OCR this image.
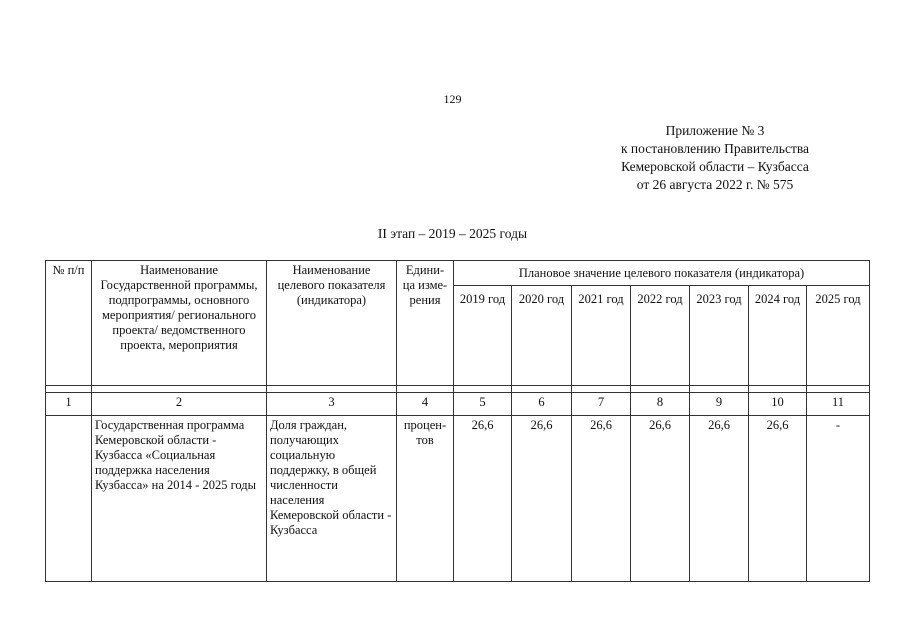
129
Приложение № 3
к постановлению Правительства
Кемеровской области – Кузбасса
от 26 августа 2022 г. № 575
II этап – 2019 – 2025 годы
№ п/п	Наименование Государственной программы, подпрограммы, основного мероприятия/ регионального проекта/ ведомственного проекта, мероприятия	Наименование целевого показателя (индикатора)	Едини-ца изме-рения	Плановое значение целевого показателя (индикатора)						
				2019 год	2020 год	2021 год	2022 год	2023 год	2024 год	2025 год

1	2	3	4	5	6	7	8	9	10	11
	Государственная программа Кемеровской области - Кузбасса «Социальная поддержка населения Кузбасса» на 2014 - 2025 годы	Доля граждан, получающих социальную поддержку, в общей численности населения Кемеровской области - Кузбасса	процен-тов	26,6	26,6	26,6	26,6	26,6	26,6	-
